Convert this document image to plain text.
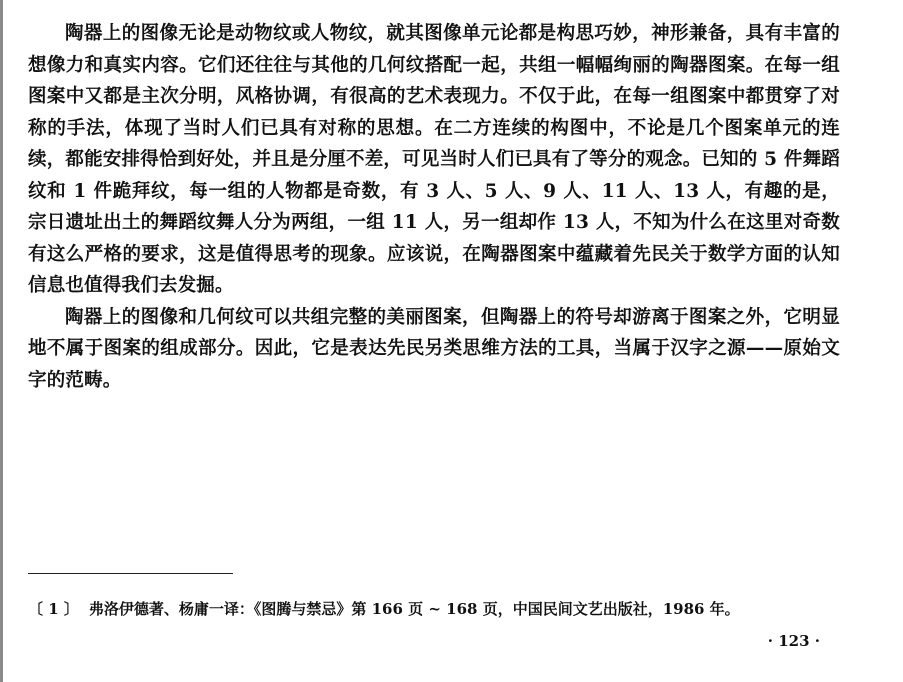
陶器上的图像无论是动物纹或人物纹，就其图像单元论都是构思巧妙，神形兼备，具有丰富的想像力和真实内容。它们还往往与其他的几何纹搭配一起，共组一幅幅绚丽的陶器图案。在每一组图案中又都是主次分明，风格协调，有很高的艺术表现力。不仅于此，在每一组图案中都贯穿了对称的手法，体现了当时人们已具有对称的思想。在二方连续的构图中，不论是几个图案单元的连续，都能安排得恰到好处，并且是分厘不差，可见当时人们已具有了等分的观念。已知的 5 件舞蹈纹和 1 件跪拜纹，每一组的人物都是奇数，有 3 人、5 人、9 人、11 人、13 人，有趣的是，宗日遗址出土的舞蹈纹舞人分为两组，一组 11 人，另一组却作 13 人，不知为什么在这里对奇数有这么严格的要求，这是值得思考的现象。应该说，在陶器图案中蕴藏着先民关于数学方面的认知信息也值得我们去发掘。

陶器上的图像和几何纹可以共组完整的美丽图案，但陶器上的符号却游离于图案之外，它明显地不属于图案的组成部分。因此，它是表达先民另类思维方法的工具，当属于汉字之源——原始文字的范畴。

〔 1 〕 弗洛伊德著、杨庸一译：《图腾与禁忌》第 166 页 ~ 168 页，中国民间文艺出版社，1986 年。
· 123 ·
